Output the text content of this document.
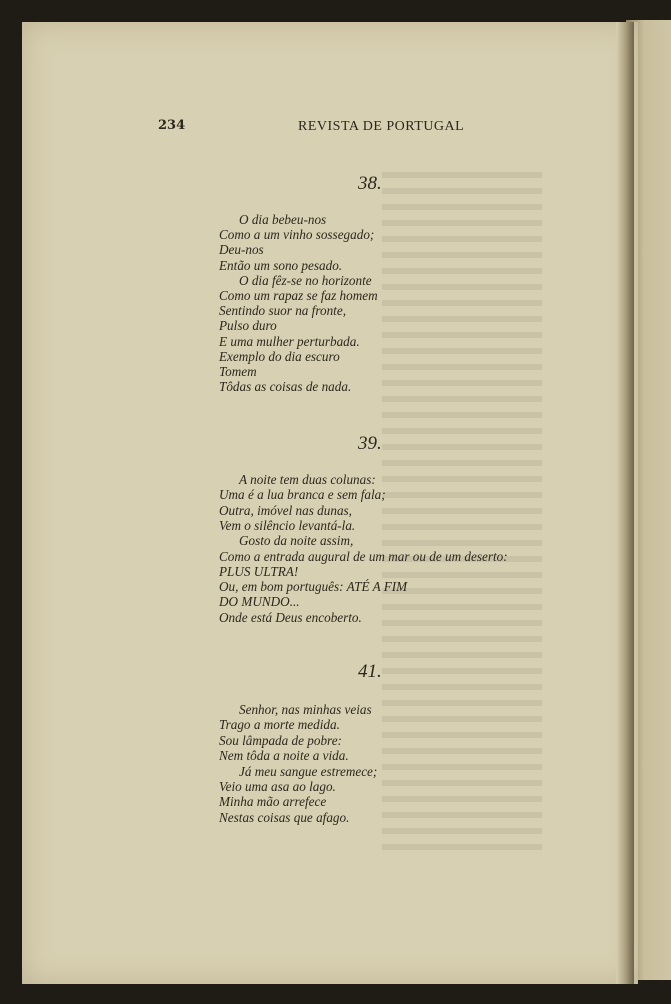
234	REVISTA DE PORTUGAL
38.
O dia bebeu-nos
Como a um vinho sossegado;
Deu-nos
Então um sono pesado.
O dia fêz-se no horizonte
Como um rapaz se faz homem
Sentindo suor na fronte,
Pulso duro
E uma mulher perturbada.
Exemplo do dia escuro
Tomem
Tôdas as coisas de nada.
39.
A noite tem duas colunas:
Uma é a lua branca e sem fala;
Outra, imóvel nas dunas,
Vem o silêncio levantá-la.
Gosto da noite assim,
Como a entrada augural de um mar ou de um deserto:
PLUS ULTRA!
Ou, em bom português: ATÉ A FIM
DO MUNDO...
Onde está Deus encoberto.
41.
Senhor, nas minhas veias
Trago a morte medida.
Sou lâmpada de pobre:
Nem tôda a noite a vida.
Já meu sangue estremece;
Veio uma asa ao lago.
Minha mão arrefece
Nestas coisas que afago.
